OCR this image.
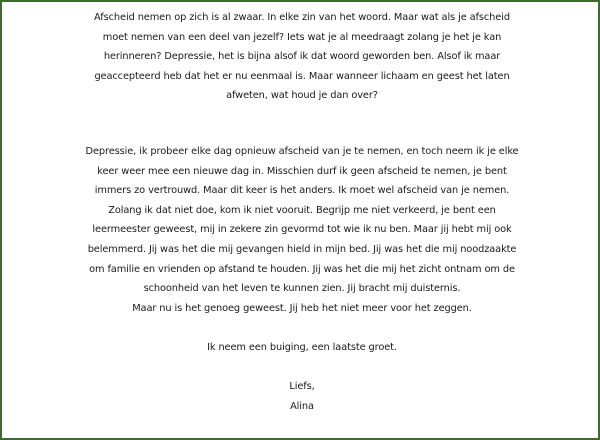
Afscheid nemen op zich is al zwaar. In elke zin van het woord. Maar wat als je afscheid
moet nemen van een deel van jezelf? Iets wat je al meedraagt zolang je het je kan
herinneren? Depressie, het is bijna alsof ik dat woord geworden ben. Alsof ik maar
geaccepteerd heb dat het er nu eenmaal is. Maar wanneer lichaam en geest het laten
afweten, wat houd je dan over?

Depressie, ik probeer elke dag opnieuw afscheid van je te nemen, en toch neem ik je elke
keer weer mee een nieuwe dag in. Misschien durf ik geen afscheid te nemen, je bent
immers zo vertrouwd. Maar dit keer is het anders. Ik moet wel afscheid van je nemen.
Zolang ik dat niet doe, kom ik niet vooruit. Begrijp me niet verkeerd, je bent een
leermeester geweest, mij in zekere zin gevormd tot wie ik nu ben. Maar jij hebt mij ook
belemmerd. Jij was het die mij gevangen hield in mijn bed. Jij was het die mij noodzaakte
om familie en vrienden op afstand te houden. Jij was het die mij het zicht ontnam om de
schoonheid van het leven te kunnen zien. Jij bracht mij duisternis.
Maar nu is het genoeg geweest. Jij heb het niet meer voor het zeggen.

Ik neem een buiging, een laatste groet.

Liefs,
Alina
